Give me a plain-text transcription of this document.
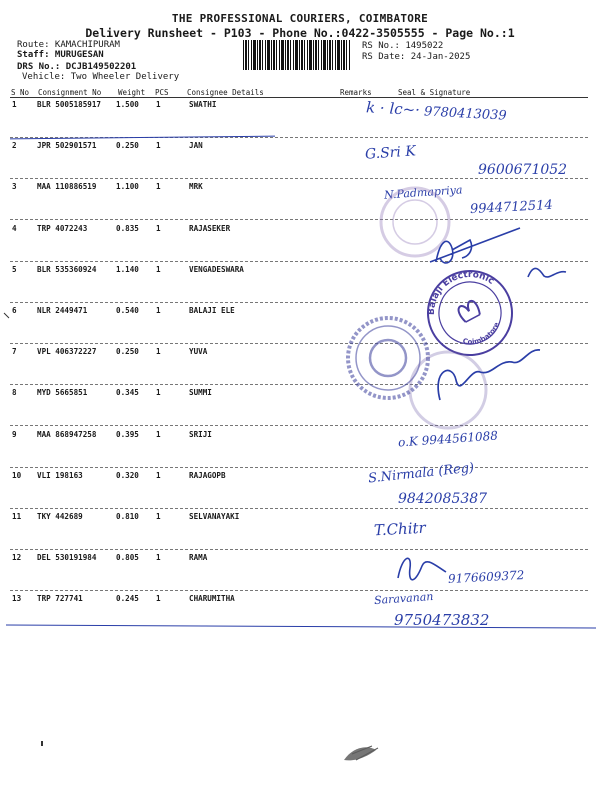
THE PROFESSIONAL COURIERS, COIMBATORE
Delivery Runsheet - P103 - Phone No.:0422-3505555 - Page No.:1
Route: KAMACHIPURAM
Staff: MURUGESAN
DRS No.: DCJB149502201
Vehicle: Two Wheeler Delivery
RS No.: 1495022
RS Date: 24-Jan-2025
S No Consignment No Weight PCS Consignee Details	Remarks	Seal & Signature
1	BLR 5005185917 1.500 1	SWATHI
2	JPR 502901571	0.250 1	JAN
3	MAA 110886519	1.100 1	MRK
4	TRP 4072243	0.835 1	RAJASEKER
5	BLR 535360924	1.140 1	VENGADESWARA
6	NLR 2449471	0.540 1	BALAJI ELE
7	VPL 406372227	0.250 1	YUVA
8	MYD 5665851	0.345 1	SUMMI
9	MAA 868947258	0.395 1	SRIJI
10 VLI 198163	0.320 1	RAJAGOPB
11 TKY 442689	0.810 1	SELVANAYAKI
12 DEL 530191984	0.805 1	RAMA
13 TRP 727741	0.245 1	CHARUMITHA
k · lc~· 9780413039
G.Sri K
9600671052
N.Padmapriya
9944712514
o.K 9944561088
S.Nirmala (Reg)
9842085387
T.Chitr
9176609372
Saravanan
9750473832
Balaji Electronic
Coimbatore
